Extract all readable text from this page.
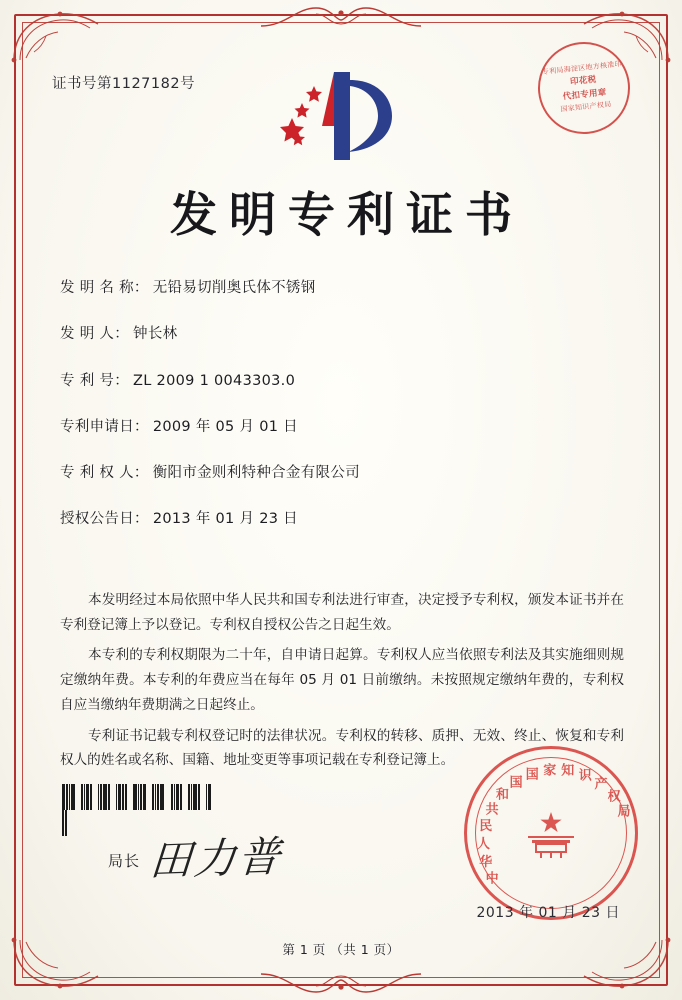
证书号第1127182号
专利局海淀区地方核准印
印花税
代扣专用章
国家知识产权局
发明专利证书
发 明 名 称： 无铅易切削奥氏体不锈钢
发 明 人： 钟长林
专 利 号： ZL 2009 1 0043303.0
专利申请日： 2009 年 05 月 01 日
专 利 权 人： 衡阳市金则利特种合金有限公司
授权公告日： 2013 年 01 月 23 日

本发明经过本局依照中华人民共和国专利法进行审查，决定授予专利权，颁发本证书并在专利登记簿上予以登记。专利权自授权公告之日起生效。

本专利的专利权期限为二十年，自申请日起算。专利权人应当依照专利法及其实施细则规定缴纳年费。本专利的年费应当在每年 05 月 01 日前缴纳。未按照规定缴纳年费的，专利权自应当缴纳年费期满之日起终止。

专利证书记载专利权登记时的法律状况。专利权的转移、质押、无效、终止、恢复和专利权人的姓名或名称、国籍、地址变更等事项记载在专利登记簿上。

局长 田力普	中
华
人
民
共
和
国
国 家 知 识
产
权
局
2013 年 01 月 23 日
第 1 页 （共 1 页）
